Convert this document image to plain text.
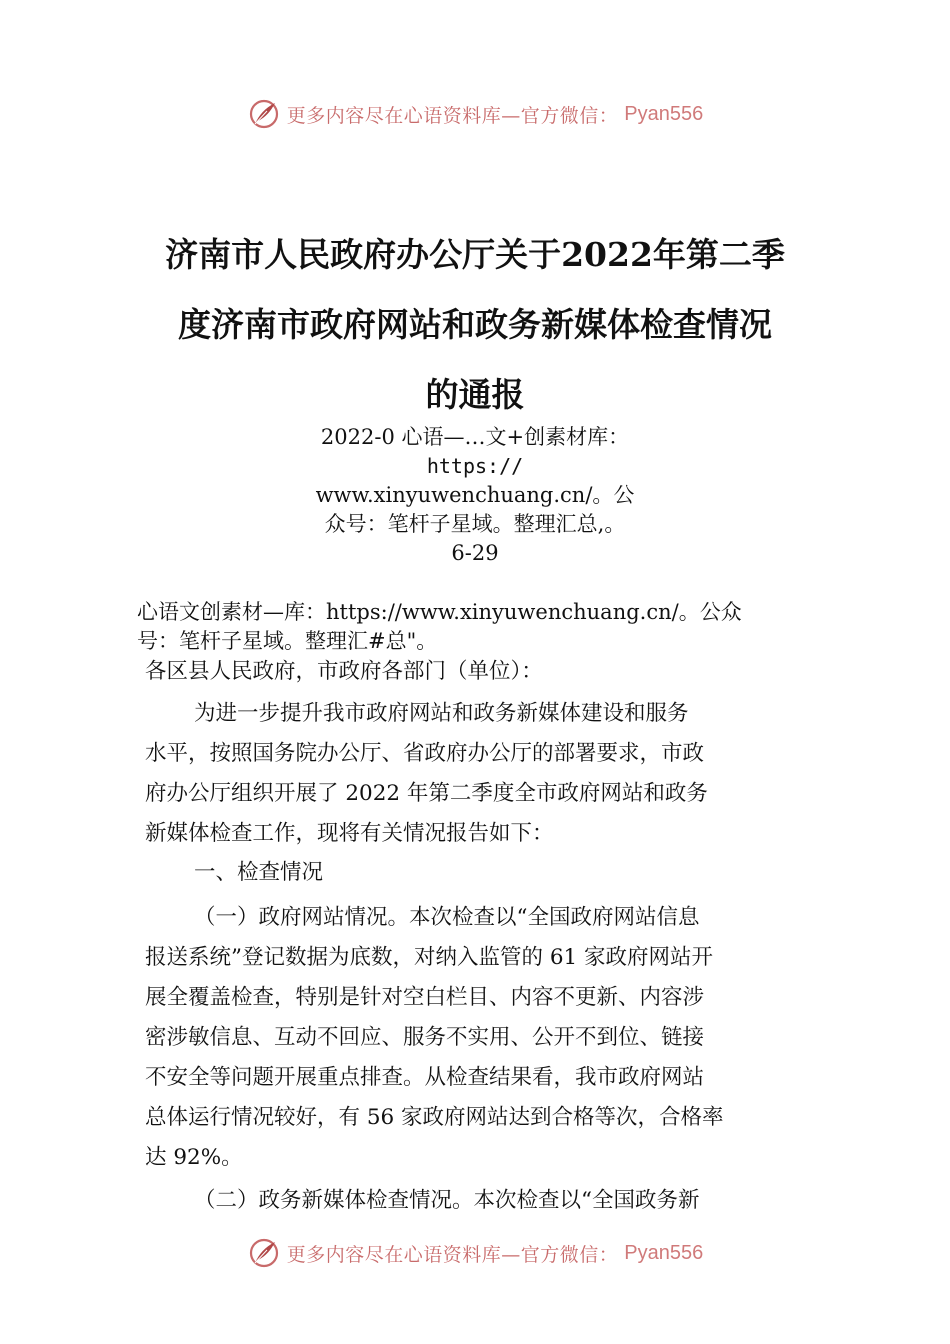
更多内容尽在心语资料库—官方微信： Pyan556
济南市人民政府办公厅关于2022年第二季
度济南市政府网站和政务新媒体检查情况
的通报
2022-0 心语—…文+创素材库：
https://
www.xinyuwenchuang.cn/。公
众号：笔杆子星域。整理汇总,。
6-29
心语文创素材—库：https://www.xinyuwenchuang.cn/。公众
号：笔杆子星域。整理汇#总"。
各区县人民政府，市政府各部门（单位）：
为进一步提升我市政府网站和政务新媒体建设和服务
水平，按照国务院办公厅、省政府办公厅的部署要求，市政
府办公厅组织开展了 2022 年第二季度全市政府网站和政务
新媒体检查工作，现将有关情况报告如下：
一、检查情况
（一）政府网站情况。本次检查以“全国政府网站信息
报送系统”登记数据为底数，对纳入监管的 61 家政府网站开
展全覆盖检查，特别是针对空白栏目、内容不更新、内容涉
密涉敏信息、互动不回应、服务不实用、公开不到位、链接
不安全等问题开展重点排查。从检查结果看，我市政府网站
总体运行情况较好，有 56 家政府网站达到合格等次，合格率
达 92%。
（二）政务新媒体检查情况。本次检查以“全国政务新
更多内容尽在心语资料库—官方微信： Pyan556
